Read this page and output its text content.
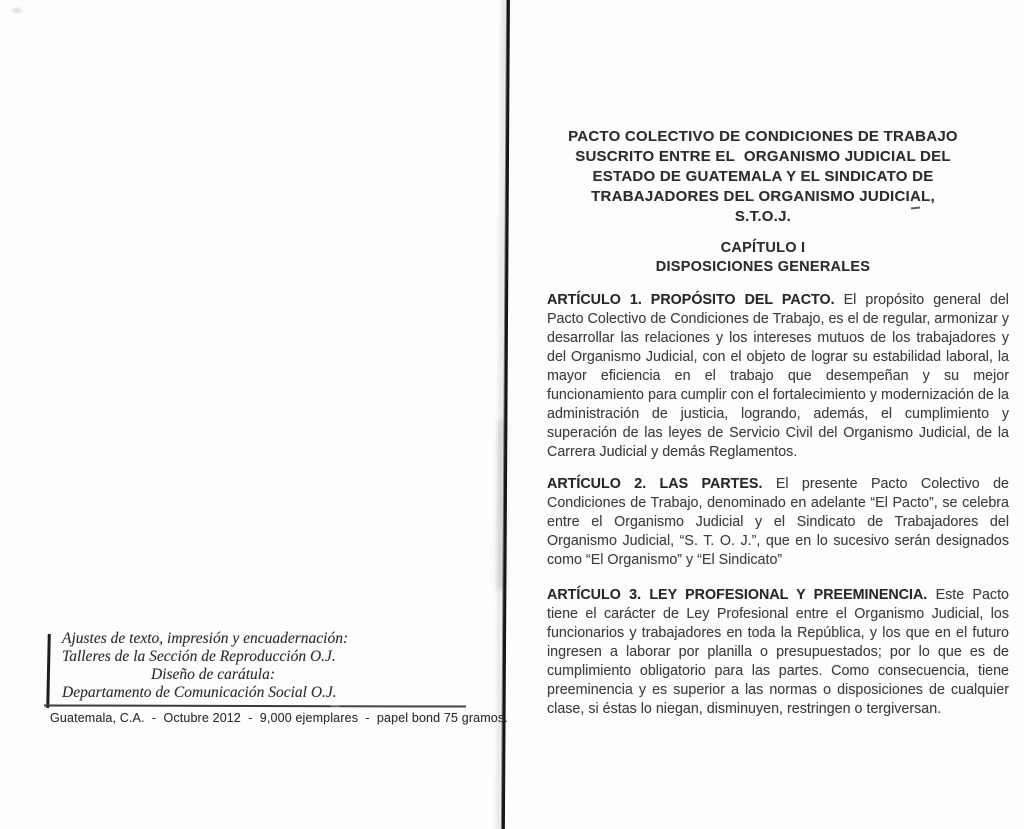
Ajustes de texto, impresión y encuadernación:
Talleres de la Sección de Reproducción O.J.
Diseño de carátula:
Departamento de Comunicación Social O.J.
Guatemala, C.A.  -  Octubre 2012  -  9,000 ejemplares  -  papel bond 75 gramos.
PACTO COLECTIVO DE CONDICIONES DE TRABAJO
SUSCRITO ENTRE EL  ORGANISMO JUDICIAL DEL
ESTADO DE GUATEMALA Y EL SINDICATO DE
TRABAJADORES DEL ORGANISMO JUDICIAL,
S.T.O.J.
CAPÍTULO I
DISPOSICIONES GENERALES

ARTÍCULO 1. PROPÓSITO DEL PACTO. El propósito general del Pacto Colectivo de Condiciones de Trabajo, es el de regular, armonizar y desarrollar las relaciones y los intereses mutuos de los trabajadores y del Organismo Judicial, con el objeto de lograr su estabilidad laboral, la mayor eficiencia en el trabajo que desempeñan y su mejor funcionamiento para cumplir con el fortalecimiento y modernización de la administración de justicia, logrando, además, el cumplimiento y superación de las leyes de Servicio Civil del Organismo Judicial, de la Carrera Judicial y demás Reglamentos.

ARTÍCULO 2. LAS PARTES. El presente Pacto Colectivo de Condiciones de Trabajo, denominado en adelante “El Pacto”, se celebra entre el Organismo Judicial y el Sindicato de Trabajadores del Organismo Judicial, “S. T. O. J.”, que en lo sucesivo serán designados como “El Organismo” y “El Sindicato”

ARTÍCULO 3. LEY PROFESIONAL Y PREEMINENCIA. Este Pacto tiene el carácter de Ley Profesional entre el Organismo Judicial, los funcionarios y trabajadores en toda la República, y los que en el futuro ingresen a laborar por planilla o presupuestados; por lo que es de cumplimiento obligatorio para las partes. Como consecuencia, tiene preeminencia y es superior a las normas o disposiciones de cualquier clase, si éstas lo niegan, disminuyen, restringen o tergiversan.
